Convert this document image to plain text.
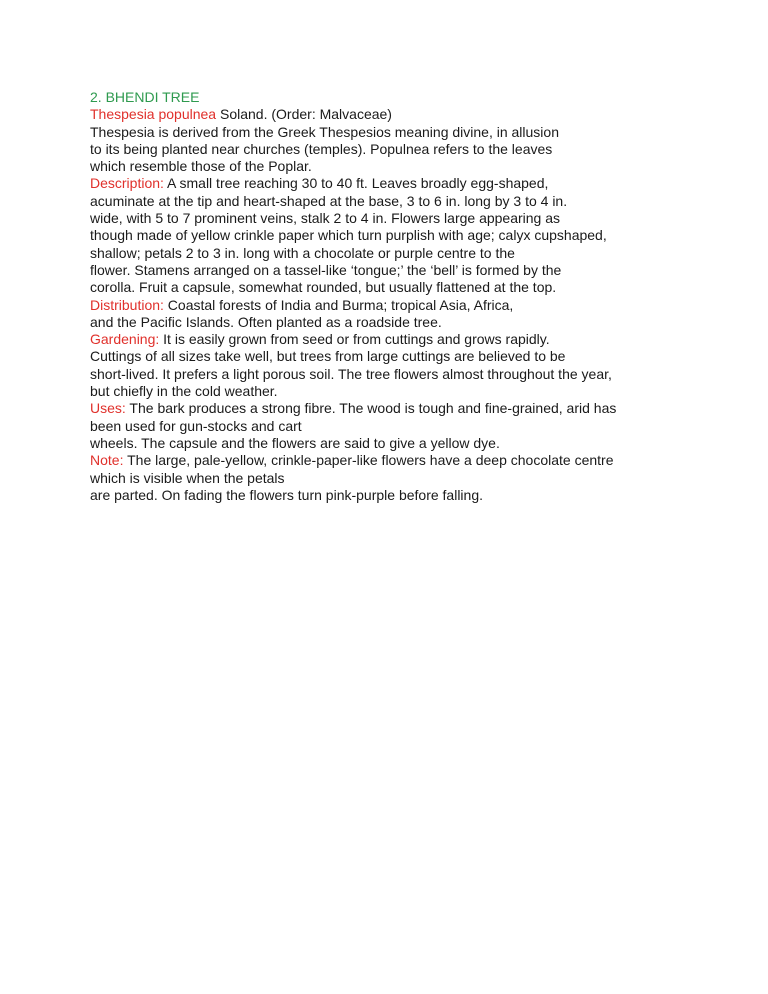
2. BHENDI TREE
Thespesia populnea Soland. (Order: Malvaceae)
Thespesia is derived from the Greek Thespesios meaning divine, in allusion
to its being planted near churches (temples). Populnea refers to the leaves
which resemble those of the Poplar.
Description: A small tree reaching 30 to 40 ft. Leaves broadly egg-shaped,
acuminate at the tip and heart-shaped at the base, 3 to 6 in. long by 3 to 4 in.
wide, with 5 to 7 prominent veins, stalk 2 to 4 in. Flowers large appearing as
though made of yellow crinkle paper which turn purplish with age; calyx cupshaped,
shallow; petals 2 to 3 in. long with a chocolate or purple centre to the
flower. Stamens arranged on a tassel-like ‘tongue;’ the ‘bell’ is formed by the
corolla. Fruit a capsule, somewhat rounded, but usually flattened at the top.
Distribution: Coastal forests of India and Burma; tropical Asia, Africa,
and the Pacific Islands. Often planted as a roadside tree.
Gardening: It is easily grown from seed or from cuttings and grows rapidly.
Cuttings of all sizes take well, but trees from large cuttings are believed to be
short-lived. It prefers a light porous soil. The tree flowers almost throughout the year,
but chiefly in the cold weather.
Uses: The bark produces a strong fibre. The wood is tough and fine-grained, arid has
been used for gun-stocks and cart
wheels. The capsule and the flowers are said to give a yellow dye.
Note: The large, pale-yellow, crinkle-paper-like flowers have a deep chocolate centre
which is visible when the petals
are parted. On fading the flowers turn pink-purple before falling.
